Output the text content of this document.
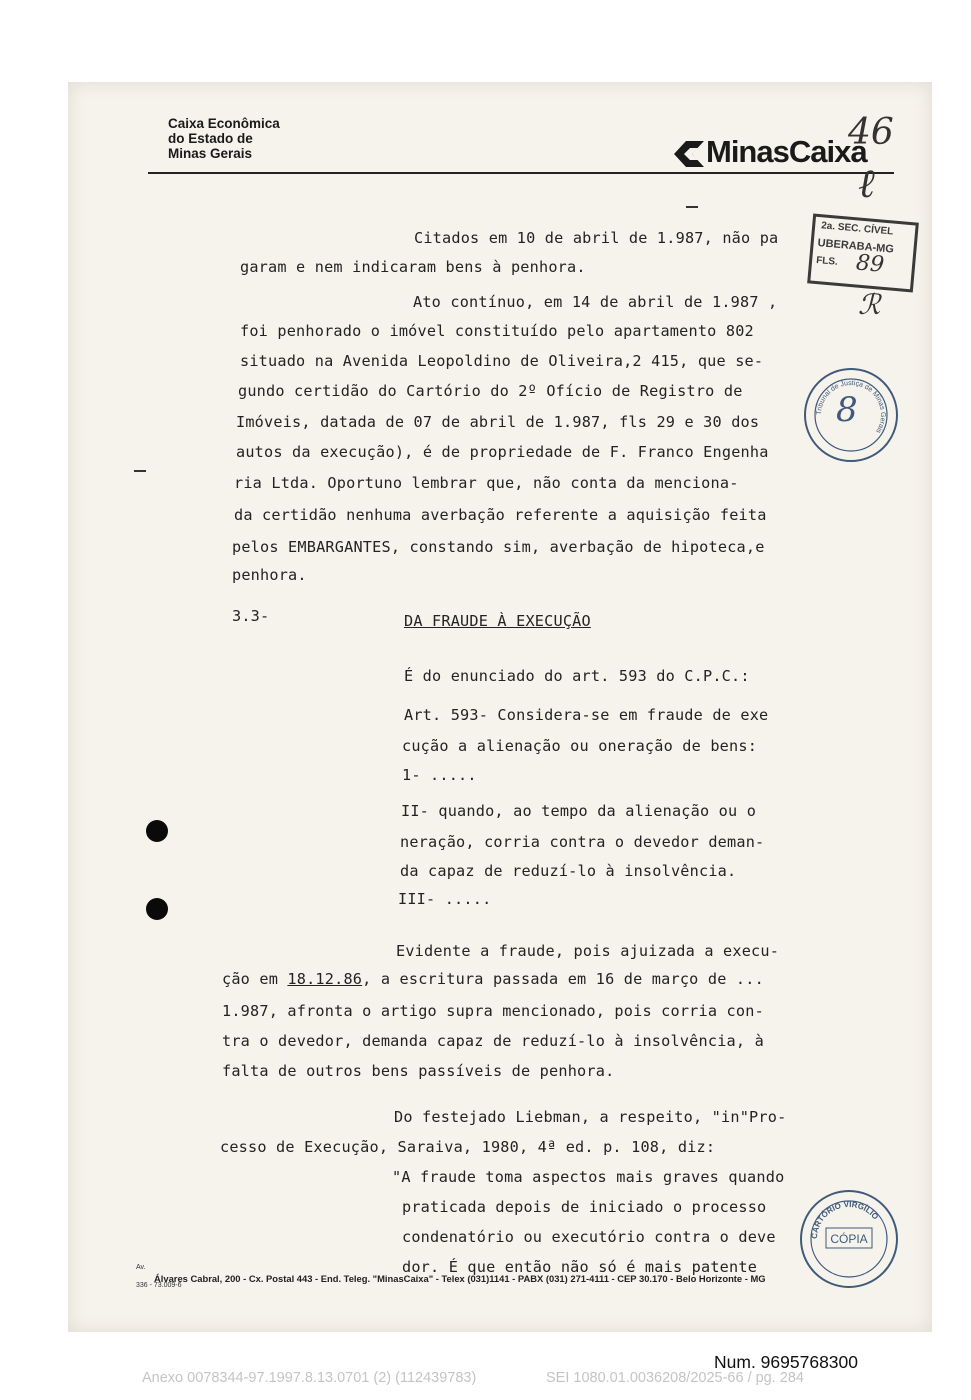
Caixa Econômica
do Estado de
Minas Gerais	MinasCaixa
46
ℓ
ℛ
2a. SEC. CÍVEL
UBERABA-MG
FLS. 89
Tribunal de Justiça de Minas Gerais
8
Citados em 10 de abril de 1.987, não pa
garam e nem indicaram bens à penhora.
Ato contínuo, em 14 de abril de 1.987 ,
foi penhorado o imóvel constituído pelo apartamento 802
situado na Avenida Leopoldino de Oliveira,2 415, que se-
gundo certidão do Cartório do 2º Ofício de Registro de
Imóveis, datada de 07 de abril de 1.987, fls 29 e 30 dos
autos da execução), é de propriedade de F. Franco Engenha
ria Ltda. Oportuno lembrar que, não conta da menciona-
da certidão nenhuma averbação referente a aquisição feita
pelos EMBARGANTES, constando sim, averbação de hipoteca,e
penhora.
3.3-	DA FRAUDE À EXECUÇÃO
É do enunciado do art. 593 do C.P.C.:
Art. 593- Considera-se em fraude de exe
cução a alienação ou oneração de bens:
1- .....
II- quando, ao tempo da alienação ou o
neração, corria contra o devedor deman-
da capaz de reduzí-lo à insolvência.
III- .....
Evidente a fraude, pois ajuizada a execu-
ção em 18.12.86, a escritura passada em 16 de março de ...
1.987, afronta o artigo supra mencionado, pois corria con-
tra o devedor, demanda capaz de reduzí-lo à insolvência, à
falta de outros bens passíveis de penhora.
Do festejado Liebman, a respeito, "in"Pro-
cesso de Execução, Saraiva, 1980, 4ª ed. p. 108, diz:
"A fraude toma aspectos mais graves quando
praticada depois de iniciado o processo
condenatório ou executório contra o deve
dor. É que então não só é mais patente
CARTÓRIO VIRGÍLIO
CÓPIA
Av.
336 - 73.009-6
Álvares Cabral, 200 - Cx. Postal 443 - End. Teleg. "MinasCaixa" - Telex (031)1141 - PABX (031) 271-4111 - CEP 30.170 - Belo Horizonte - MG
Num. 9695768300
Anexo 0078344-97.1997.8.13.0701 (2) (112439783)	SEI 1080.01.0036208/2025-66 / pg. 284
